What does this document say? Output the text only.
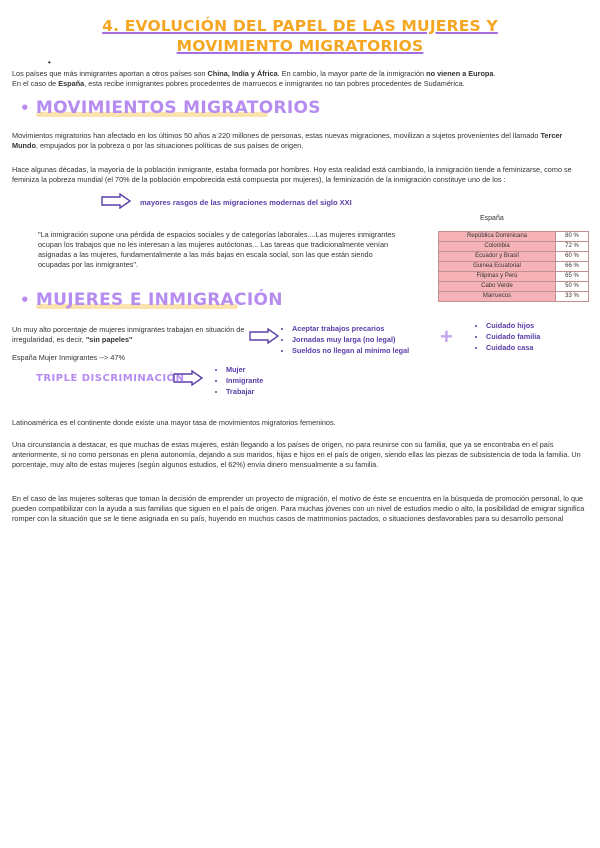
4. EVOLUCIÓN DEL PAPEL DE LAS MUJERES Y
MOVIMIENTO MIGRATORIOS
•
Los países que más inmigrantes aportan a otros países son China, India y África. En cambio, la mayor parte de la inmigración no vienen a Europa.
En el caso de España, esta recibe inmigrantes pobres procedentes de marruecos e inmigrantes no tan pobres procedentes de Sudamérica.
• MOVIMIENTOS MIGRATORIOS
Movimientos migratorios han afectado en los últimos 50 años a 220 millones de personas, estas nuevas migraciones, movilizan a sujetos provenientes del llamado Tercer Mundo, empujados por la pobreza o por las situaciones políticas de sus países de origen.
Hace algunas décadas, la mayoría de la población inmigrante, estaba formada por hombres. Hoy esta realidad está cambiando, la inmigración tiende a feminizarse, como se feminiza la pobreza mundial (el 70% de la población empobrecida está compuesta por mujeres), la feminización de la inmigración constituye uno de los :
mayores rasgos de las migraciones modernas del siglo XXI
"La inmigración supone una pérdida de espacios sociales y de categorías laborales....Las mujeres inmigrantes ocupan los trabajos que no les interesan a las mujeres autóctonas... Las tareas que tradicionalmente venían asignadas a las mujeres, fundamentalmente a las más bajas en escala social, son las que están siendo ocupadas por las inmigrantes".
España
República Dominicana	80 %
Colombia	72 %
Ecuador y Brasil	60 %
Guinea Ecuatorial	66 %
Filipinas y Perú	65 %
Cabo Verde	50 %
Marruecos	33 %
• MUJERES E INMIGRACIÓN
Un muy alto porcentaje de mujeres inmigrantes trabajan en situación de irregularidad, es decir, "sin papeles"
España Mujer Inmigrantes --> 47%
• Aceptar trabajos precarios
• Jornadas muy larga (no legal)
• Sueldos no llegan al mínimo legal
+	• Cuidado hijos
• Cuidado familia
• Cuidado casa
TRIPLE DISCRIMINACIÓN
• Mujer
• Inmigrante
• Trabajar
Latinoamérica es el continente donde existe una mayor tasa de movimientos migratorios femeninos.
Una circunstancia a destacar, es que muchas de estas mujeres, están llegando a los países de origen, no para reunirse con su familia, que ya se encontraba en el país anteriormente, si no como personas en plena autonomía, dejando a sus maridos, hijas e hijos en el país de origen, siendo ellas las piezas de subsistencia de toda la familia. Un porcentaje, muy alto de estas mujeres (según algunos estudios, el 62%) envía dinero mensualmente a su familia.
En el caso de las mujeres solteras que toman la decisión de emprender un proyecto de migración, el motivo de éste se encuentra en la búsqueda de promoción personal, lo que pueden compatibilizar con la ayuda a sus familias que siguen en el país de origen. Para muchas jóvenes con un nivel de estudios medio o alto, la posibilidad de emigrar significa romper con la situación que se le tiene asignada en su país, huyendo en muchos casos de matrimonios pactados, o situaciones desfavorables para su desarrollo personal
